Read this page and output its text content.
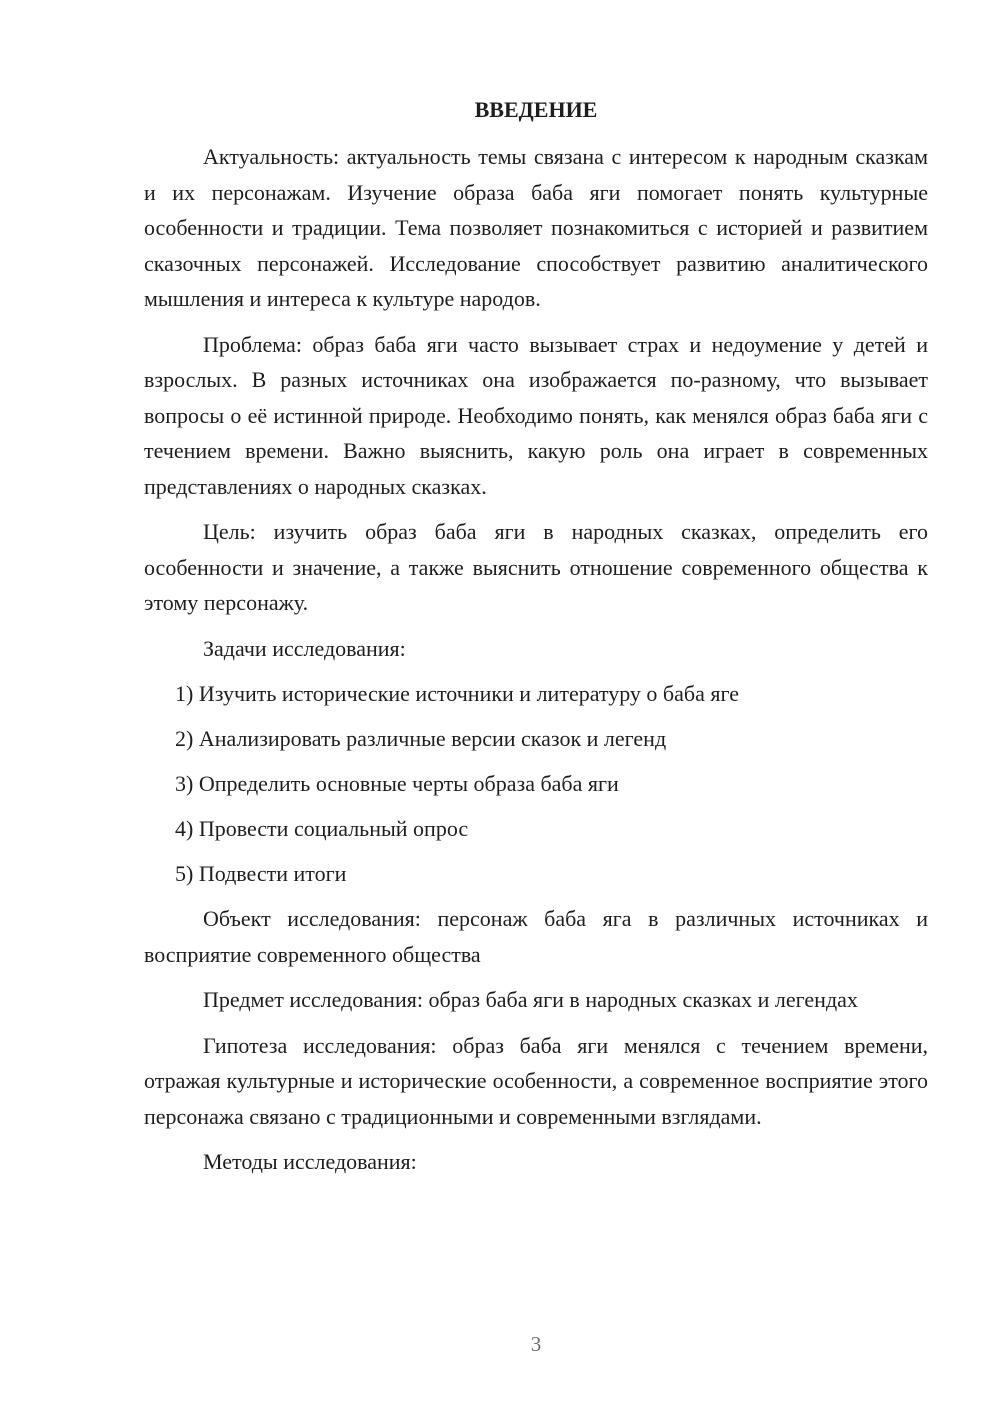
ВВЕДЕНИЕ

Актуальность: актуальность темы связана с интересом к народным сказкам и их персонажам. Изучение образа баба яги помогает понять культурные особенности и традиции. Тема позволяет познакомиться с историей и развитием сказочных персонажей. Исследование способствует развитию аналитического мышления и интереса к культуре народов.

Проблема: образ баба яги часто вызывает страх и недоумение у детей и взрослых. В разных источниках она изображается по-разному, что вызывает вопросы о её истинной природе. Необходимо понять, как менялся образ баба яги с течением времени. Важно выяснить, какую роль она играет в современных представлениях о народных сказках.

Цель: изучить образ баба яги в народных сказках, определить его особенности и значение, а также выяснить отношение современного общества к этому персонажу.

Задачи исследования:

1) Изучить исторические источники и литературу о баба яге

2) Анализировать различные версии сказок и легенд

3) Определить основные черты образа баба яги

4) Провести социальный опрос

5) Подвести итоги

Объект исследования: персонаж баба яга в различных источниках и восприятие современного общества

Предмет исследования: образ баба яги в народных сказках и легендах

Гипотеза исследования: образ баба яги менялся с течением времени, отражая культурные и исторические особенности, а современное восприятие этого персонажа связано с традиционными и современными взглядами.

Методы исследования:

3
